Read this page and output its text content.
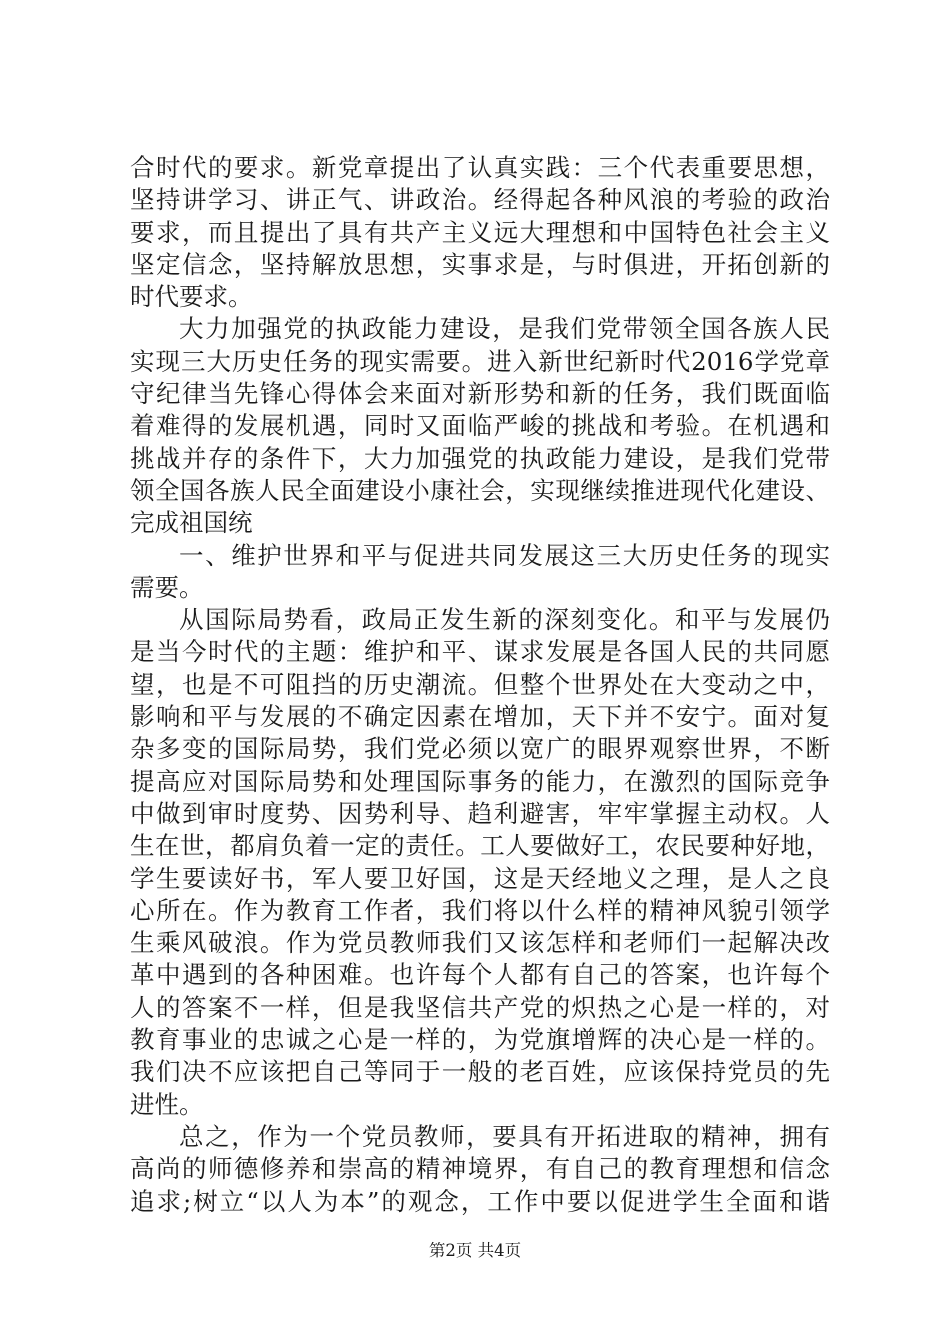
合时代的要求。新党章提出了认真实践：三个代表重要思想，
坚持讲学习、讲正气、讲政治。经得起各种风浪的考验的政治
要求，而且提出了具有共产主义远大理想和中国特色社会主义
坚定信念，坚持解放思想，实事求是，与时俱进，开拓创新的
时代要求。
大力加强党的执政能力建设，是我们党带领全国各族人民
实现三大历史任务的现实需要。进入新世纪新时代2016学党章
守纪律当先锋心得体会来面对新形势和新的任务，我们既面临
着难得的发展机遇，同时又面临严峻的挑战和考验。在机遇和
挑战并存的条件下，大力加强党的执政能力建设，是我们党带
领全国各族人民全面建设小康社会，实现继续推进现代化建设、
完成祖国统
一、维护世界和平与促进共同发展这三大历史任务的现实
需要。
从国际局势看，政局正发生新的深刻变化。和平与发展仍
是当今时代的主题：维护和平、谋求发展是各国人民的共同愿
望，也是不可阻挡的历史潮流。但整个世界处在大变动之中，
影响和平与发展的不确定因素在增加，天下并不安宁。面对复
杂多变的国际局势，我们党必须以宽广的眼界观察世界，不断
提高应对国际局势和处理国际事务的能力，在激烈的国际竞争
中做到审时度势、因势利导、趋利避害，牢牢掌握主动权。人
生在世，都肩负着一定的责任。工人要做好工，农民要种好地，
学生要读好书，军人要卫好国，这是天经地义之理，是人之良
心所在。作为教育工作者，我们将以什么样的精神风貌引领学
生乘风破浪。作为党员教师我们又该怎样和老师们一起解决改
革中遇到的各种困难。也许每个人都有自己的答案，也许每个
人的答案不一样，但是我坚信共产党的炽热之心是一样的，对
教育事业的忠诚之心是一样的，为党旗增辉的决心是一样的。
我们决不应该把自己等同于一般的老百姓，应该保持党员的先
进性。
总之，作为一个党员教师，要具有开拓进取的精神，拥有
高尚的师德修养和崇高的精神境界，有自己的教育理想和信念
追求;树立“以人为本”的观念，工作中要以促进学生全面和谐
第2页 共4页
